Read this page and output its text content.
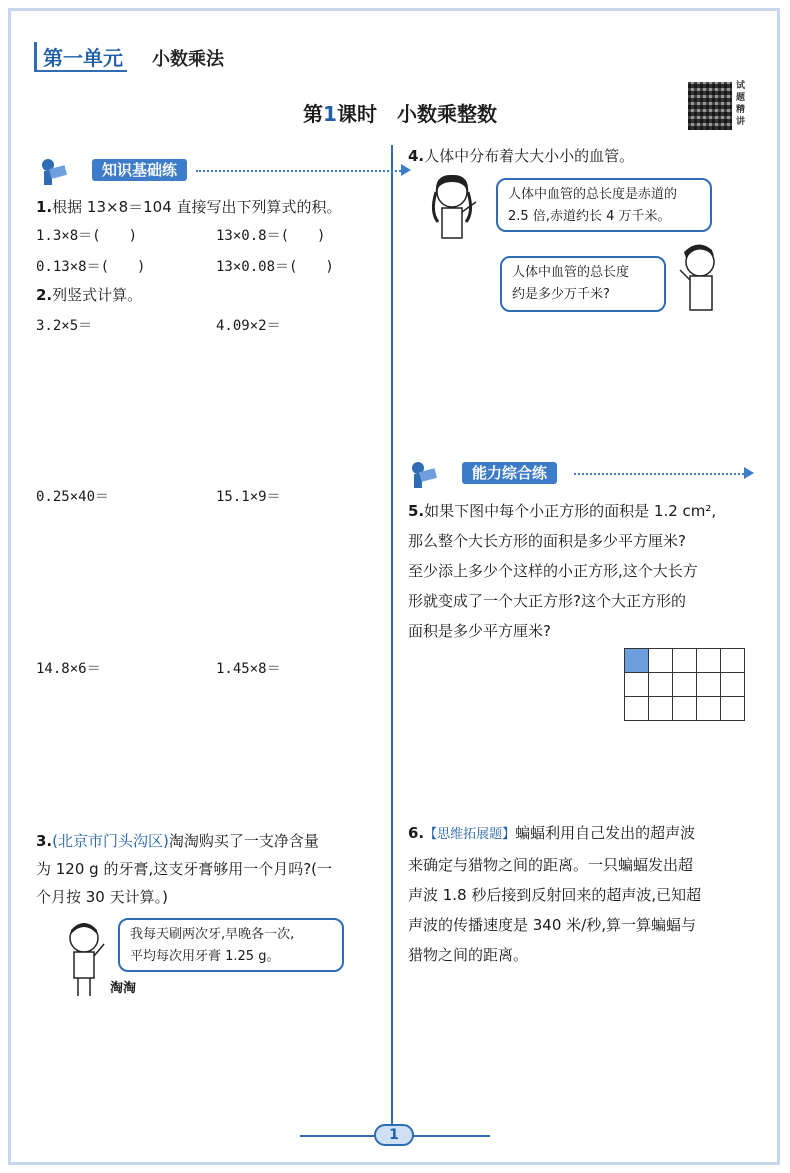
第一单元 小数乘法
第1课时　小数乘整数
试题精讲
知识基础练
1.根据 13×8＝104 直接写出下列算式的积。
1.3×8＝(　　)	13×0.8＝(　　)
0.13×8＝(　　)	13×0.08＝(　　)
2.列竖式计算。
3.2×5＝	4.09×2＝
0.25×40＝	15.1×9＝
14.8×6＝	1.45×8＝
3.(北京市门头沟区)淘淘购买了一支净含量
为 120 g 的牙膏,这支牙膏够用一个月吗?(一
个月按 30 天计算。)
我每天刷两次牙,早晚各一次,
平均每次用牙膏 1.25 g。
淘淘
4.人体中分布着大大小小的血管。
人体中血管的总长度是赤道的
2.5 倍,赤道约长 4 万千米。
人体中血管的总长度
约是多少万千米?
能力综合练
5.如果下图中每个小正方形的面积是 1.2 cm²,
那么整个大长方形的面积是多少平方厘米?
至少添上多少个这样的小正方形,这个大长方
形就变成了一个大正方形?这个大正方形的
面积是多少平方厘米?

6.【思维拓展题】蝙蝠利用自己发出的超声波
来确定与猎物之间的距离。一只蝙蝠发出超
声波 1.8 秒后接到反射回来的超声波,已知超
声波的传播速度是 340 米/秒,算一算蝙蝠与
猎物之间的距离。
1
